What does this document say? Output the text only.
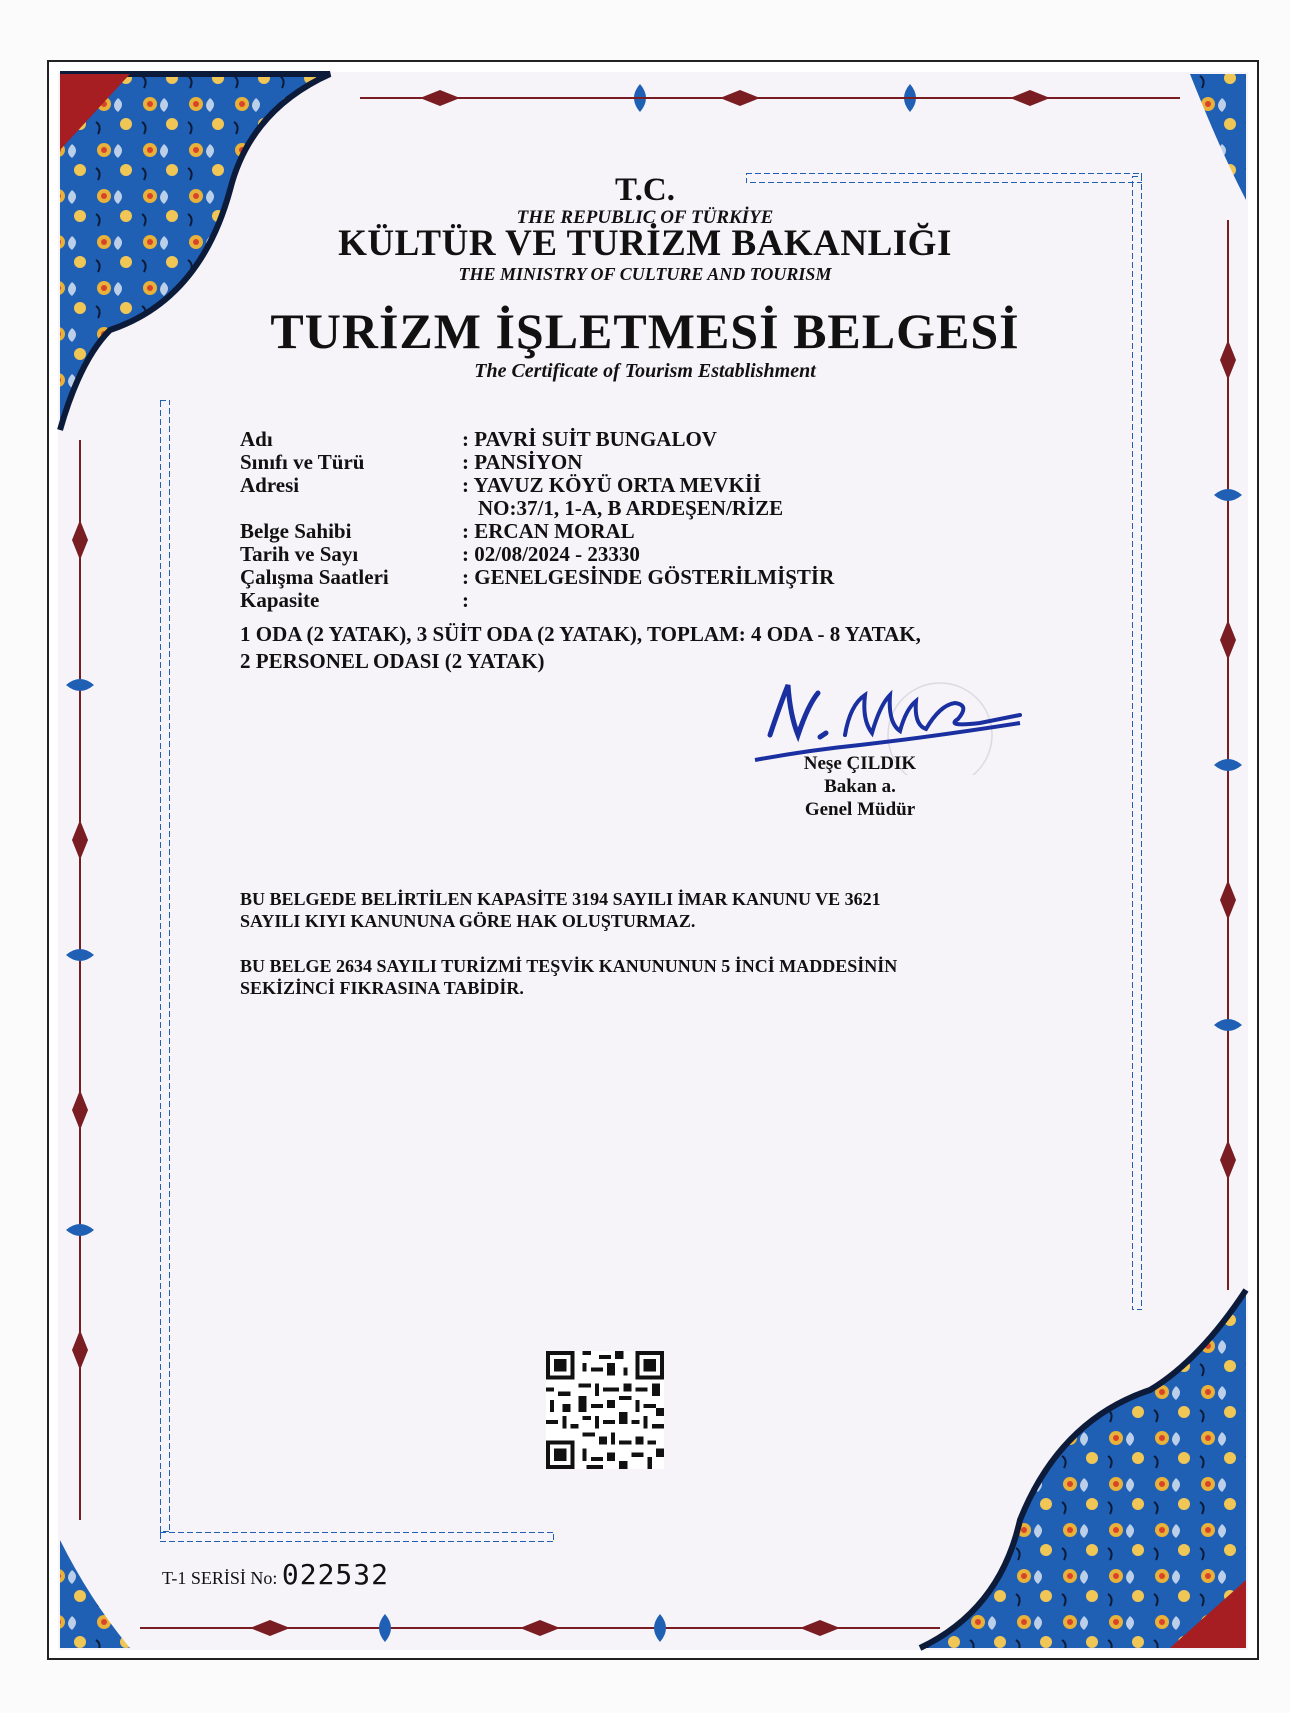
T.C.
THE REPUBLIC OF TÜRKİYE
KÜLTÜR VE TURİZM BAKANLIĞI
THE MINISTRY OF CULTURE AND TOURISM
TURİZM İŞLETMESİ BELGESİ
The Certificate of Tourism Establishment
Adı	: PAVRİ SUİT BUNGALOV
Sınıfı ve Türü	: PANSİYON
Adresi	: YAVUZ KÖYÜ ORTA MEVKİİ
NO:37/1, 1-A, B ARDEŞEN/RİZE
Belge Sahibi	: ERCAN MORAL
Tarih ve Sayı	: 02/08/2024 - 23330
Çalışma Saatleri	: GENELGESİNDE GÖSTERİLMİŞTİR
Kapasite	:
1 ODA (2 YATAK), 3 SÜİT ODA (2 YATAK), TOPLAM: 4 ODA - 8 YATAK,
2 PERSONEL ODASI (2 YATAK)
Neşe ÇILDIK
Bakan a.
Genel Müdür
BU BELGEDE BELİRTİLEN KAPASİTE 3194 SAYILI İMAR KANUNU VE 3621
SAYILI KIYI KANUNUNA GÖRE HAK OLUŞTURMAZ.
BU BELGE 2634 SAYILI TURİZMİ TEŞVİK KANUNUNUN 5 İNCİ MADDESİNİN
SEKİZİNCİ FIKRASINA TABİDİR.
T-1 SERİSİ No: 022532
